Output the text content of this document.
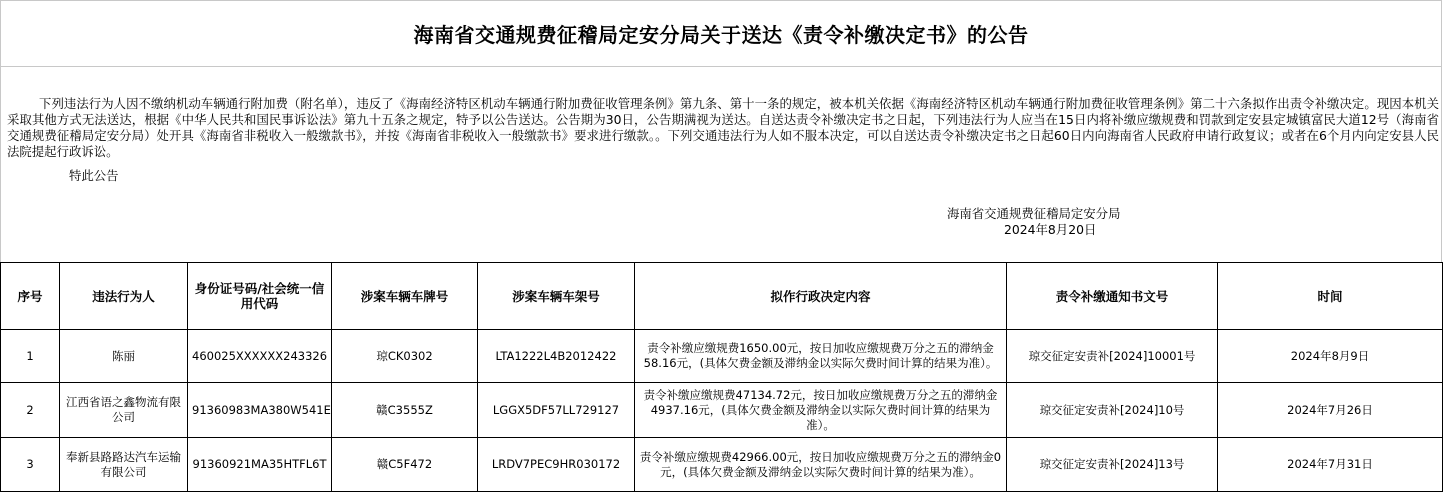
海南省交通规费征稽局定安分局关于送达《责令补缴决定书》的公告
下列违法行为人因不缴纳机动车辆通行附加费（附名单），违反了《海南经济特区机动车辆通行附加费征收管理条例》第九条、第十一条的规定，被本机关依据《海南经济特区机动车辆通行附加费征收管理条例》第二十六条拟作出责令补缴决定。现因本机关采取其他方式无法送达，根据《中华人民共和国民事诉讼法》第九十五条之规定，特予以公告送达。公告期为30日，公告期满视为送达。自送达责令补缴决定书之日起，下列违法行为人应当在15日内将补缴应缴规费和罚款到定安县定城镇富民大道12号（海南省交通规费征稽局定安分局）处开具《海南省非税收入一般缴款书》，并按《海南省非税收入一般缴款书》要求进行缴款。。下列交通违法行为人如不服本决定，可以自送达责令补缴决定书之日起60日内向海南省人民政府申请行政复议；或者在6个月内向定安县人民法院提起行政诉讼。
特此公告
海南省交通规费征稽局定安分局
2024年8月20日
序号	违法行为人	身份证号码/社会统一信用代码	涉案车辆车牌号	涉案车辆车架号	拟作行政决定内容	责令补缴通知书文号	时间
1	陈丽	460025XXXXXX243326	琼CK0302	LTA1222L4B2012422	责令补缴应缴规费1650.00元，按日加收应缴规费万分之五的滞纳金58.16元，(具体欠费金额及滞纳金以实际欠费时间计算的结果为准）。	琼交征定安责补[2024]10001号	2024年8月9日
2	江西省语之鑫物流有限公司	91360983MA380W541E	赣C3555Z	LGGX5DF57LL729127	责令补缴应缴规费47134.72元，按日加收应缴规费万分之五的滞纳金4937.16元，(具体欠费金额及滞纳金以实际欠费时间计算的结果为准）。	琼交征定安责补[2024]10号	2024年7月26日
3	奉新县路路达汽车运输有限公司	91360921MA35HTFL6T	赣C5F472	LRDV7PEC9HR030172	责令补缴应缴规费42966.00元，按日加收应缴规费万分之五的滞纳金0元，(具体欠费金额及滞纳金以实际欠费时间计算的结果为准）。	琼交征定安责补[2024]13号	2024年7月31日
